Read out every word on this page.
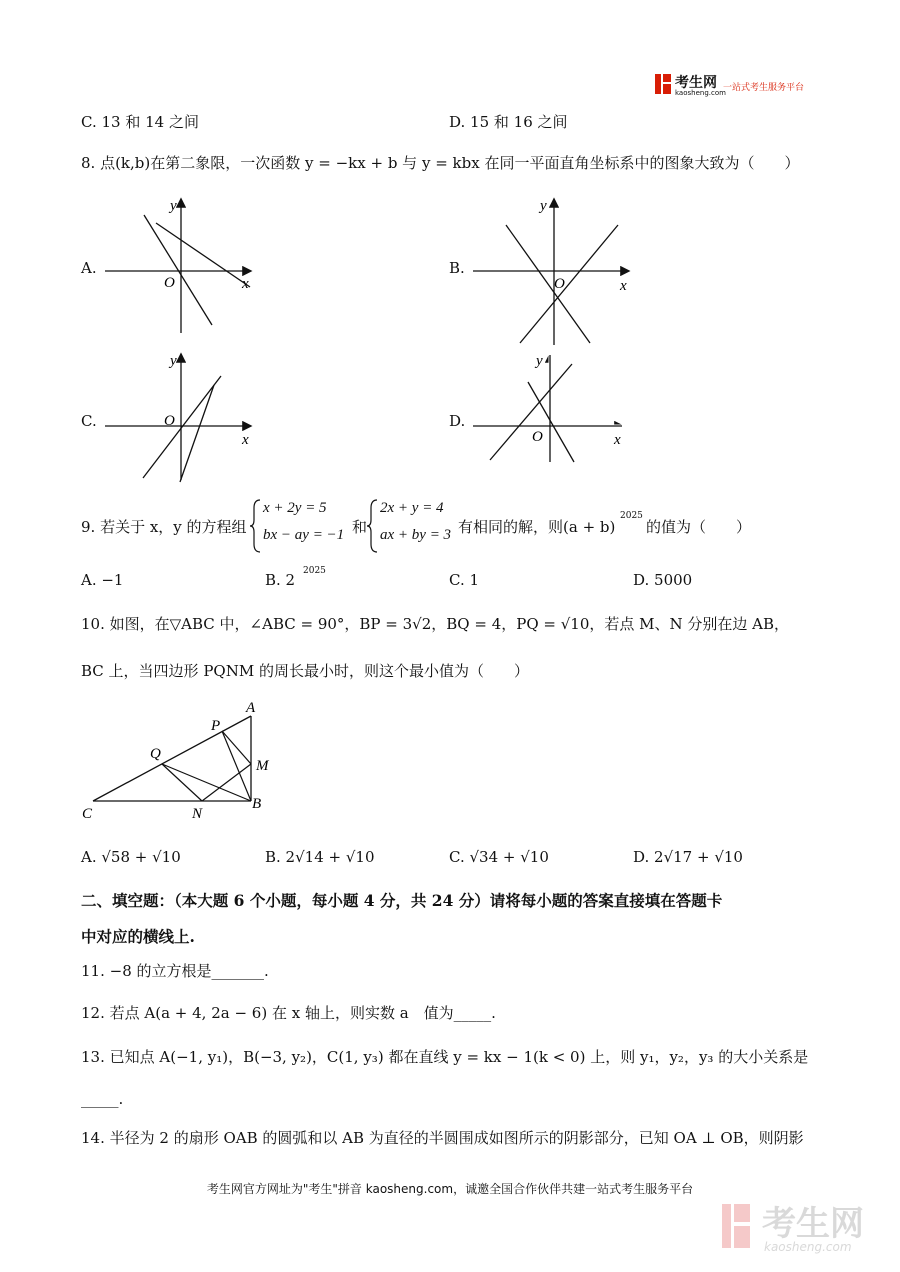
考生网
kaosheng.com
一站式考生服务平台
C. 13 和 14 之间	D. 15 和 16 之间
8. 点(k,b)在第二象限，一次函数 y = −kx + b 与 y = kbx 在同一平面直角坐标系中的图象大致为（　　）
A.	B.
C.	D.
y
x
O
y
x
O
y
x
O
y
x
O
9. 若关于 x，y 的方程组
x + 2y = 5
bx − ay = −1 和
2x + y = 4
ax + by = 3 有相同的解，则(a + b)
2025
的值为（　　）
A. −1	B. 2 2025	C. 1	D. 5000
10. 如图，在▽ABC 中，∠ABC = 90°，BP = 3√2，BQ = 4，PQ = √10，若点 M、N 分别在边 AB，
BC 上，当四边形 PQNM 的周长最小时，则这个最小值为（　　）
A
P
Q
M
C	N
B
A. √58 + √10	B. 2√14 + √10	C. √34 + √10	D. 2√17 + √10
二、填空题：（本大题 6 个小题，每小题 4 分，共 24 分）请将每小题的答案直接填在答题卡
中对应的横线上.
11. −8 的立方根是_______.
12. 若点 A(a + 4, 2a − 6) 在 x 轴上，则实数 a　值为_____.
13. 已知点 A(−1, y₁)，B(−3, y₂)，C(1, y₃) 都在直线 y = kx − 1(k < 0) 上，则 y₁，y₂，y₃ 的大小关系是
_____.
14. 半径为 2 的扇形 OAB 的圆弧和以 AB 为直径的半圆围成如图所示的阴影部分，已知 OA ⊥ OB，则阴影
考生网官方网址为"考生"拼音 kaosheng.com，诚邀全国合作伙伴共建一站式考生服务平台
考生网
kaosheng.com
